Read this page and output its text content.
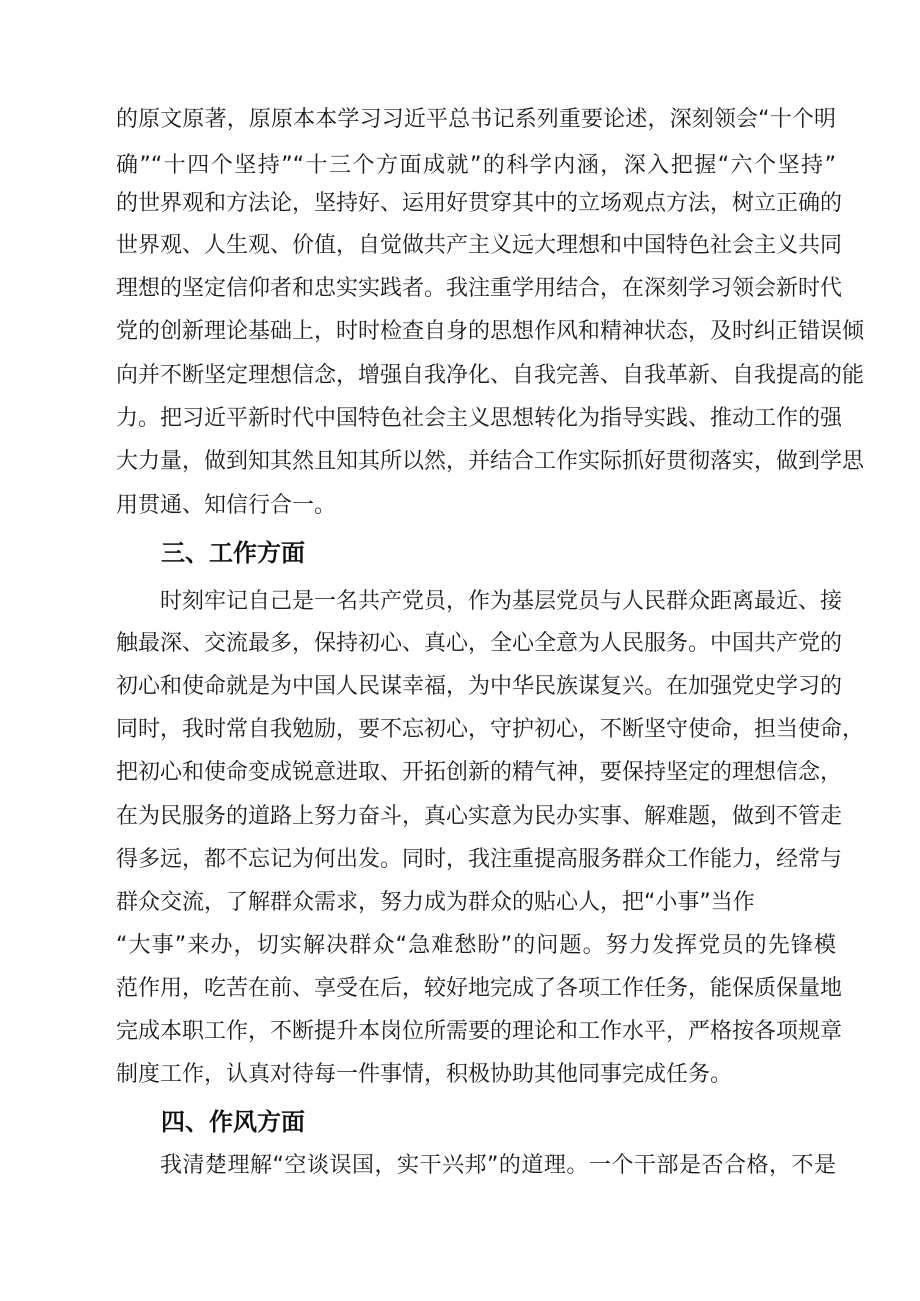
的原文原著，原原本本学习习近平总书记系列重要论述，深刻领会“十个明
确”“十四个坚持”“十三个方面成就”的科学内涵，深入把握“六个坚持”
的世界观和方法论，坚持好、运用好贯穿其中的立场观点方法，树立正确的
世界观、人生观、价值，自觉做共产主义远大理想和中国特色社会主义共同
理想的坚定信仰者和忠实实践者。我注重学用结合，在深刻学习领会新时代
党的创新理论基础上，时时检查自身的思想作风和精神状态，及时纠正错误倾
向并不断坚定理想信念，增强自我净化、自我完善、自我革新、自我提高的能
力。把习近平新时代中国特色社会主义思想转化为指导实践、推动工作的强
大力量，做到知其然且知其所以然，并结合工作实际抓好贯彻落实，做到学思
用贯通、知信行合一。
三、工作方面
时刻牢记自己是一名共产党员，作为基层党员与人民群众距离最近、接
触最深、交流最多，保持初心、真心，全心全意为人民服务。中国共产党的
初心和使命就是为中国人民谋幸福，为中华民族谋复兴。在加强党史学习的
同时，我时常自我勉励，要不忘初心，守护初心，不断坚守使命，担当使命，
把初心和使命变成锐意进取、开拓创新的精气神，要保持坚定的理想信念，
在为民服务的道路上努力奋斗，真心实意为民办实事、解难题，做到不管走
得多远，都不忘记为何出发。同时，我注重提高服务群众工作能力，经常与
群众交流，了解群众需求，努力成为群众的贴心人，把“小事”当作
“大事”来办，切实解决群众“急难愁盼”的问题。努力发挥党员的先锋模
范作用，吃苦在前、享受在后，较好地完成了各项工作任务，能保质保量地
完成本职工作，不断提升本岗位所需要的理论和工作水平，严格按各项规章
制度工作，认真对待每一件事情，积极协助其他同事完成任务。
四、作风方面
我清楚理解“空谈误国，实干兴邦”的道理。一个干部是否合格，不是
